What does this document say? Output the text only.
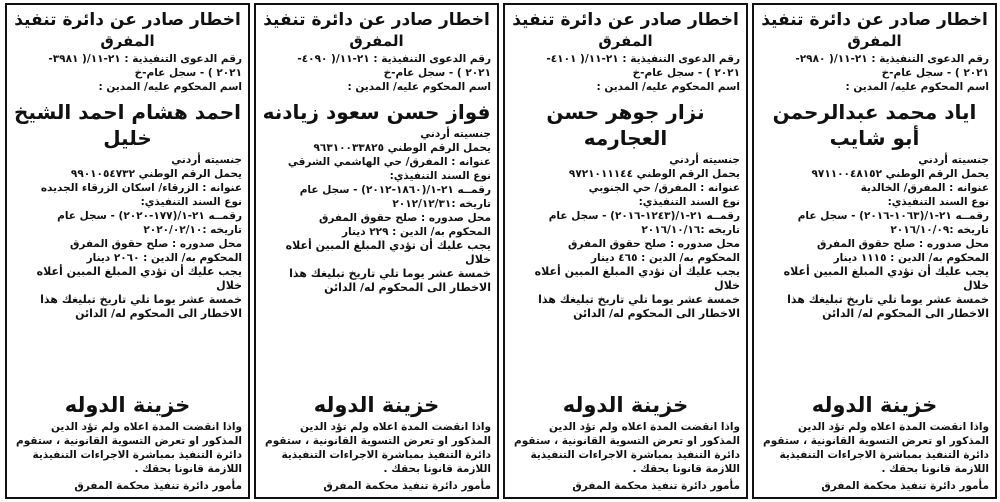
اخطار صادر عن دائرة تنفيذ
المفرق
رقم الدعوى التنفيذية : ٢١-١١/( ٢٩٨٠-
٢٠٢١ ) - سجل عام-خ
اسم المحكوم عليه/ المدين :
اياد محمد عبدالرحمن أبو شايب
جنسيته أردني
يحمل الرقم الوطني ٩٧١١٠٠٤٨١٥٢
عنوانه : المفرق/ الخالدية
نوع السند التنفيذي:
رقمــه ٢١-١/(١٠٦٣-٢٠١٦) - سجل عام
تاريخه :٢٠١٦/١٠/٠٩
محل صدوره : صلح حقوق المفرق
المحكوم به/ الدين : ١١١٥ دينار
يجب عليك أن تؤدي المبلغ المبين أعلاه خلال
خمسة عشر يوما تلي تاريخ تبليغك هذا
الاخطار الى المحكوم له/ الدائن
خزينة الدوله
واذا انقضت المدة اعلاه ولم تؤد الدين
المذكور او تعرض التسوية القانونية ، ستقوم
دائرة التنفيذ بمباشرة الاجراءات التنفيذية
اللازمة قانونا بحقك .
مأمور دائرة تنفيذ محكمة المفرق
اخطار صادر عن دائرة تنفيذ
المفرق
رقم الدعوى التنفيذية : ٢١-١١/( ٤١٠١-
٢٠٢١ ) - سجل عام-خ
اسم المحكوم عليه/ المدين :
نزار جوهر حسن العجارمه
جنسيته أردني
يحمل الرقم الوطني ٩٧٢١٠١١١٤٤
عنوانه : المفرق/ حي الجنوبي
نوع السند التنفيذي:
رقمــه ٢١-١/(١٢٤٣-٢٠١٦) - سجل عام
تاريخه :٢٠١٦/١٠/١٦
محل صدوره : صلح حقوق المفرق
المحكوم به/ الدين : ٤٦٥ دينار
يجب عليك أن تؤدي المبلغ المبين أعلاه خلال
خمسة عشر يوما تلي تاريخ تبليغك هذا
الاخطار الى المحكوم له/ الدائن
خزينة الدوله
واذا انقضت المدة اعلاه ولم تؤد الدين
المذكور او تعرض التسوية القانونية ، ستقوم
دائرة التنفيذ بمباشرة الاجراءات التنفيذية
اللازمة قانونا بحقك .
مأمور دائرة تنفيذ محكمة المفرق
اخطار صادر عن دائرة تنفيذ
المفرق
رقم الدعوى التنفيذية : ٢١-١١/( ٤٠٩٠-
٢٠٢١ ) - سجل عام-خ
اسم المحكوم عليه/ المدين :
فواز حسن سعود زيادنه
جنسيته أردني
يحمل الرقم الوطني ٩٦٣١٠٠٣٣٨٢٥
عنوانه : المفرق/ حي الهاشمي الشرقي
نوع السند التنفيذي:
رقمــه ٢١-١/(١٨٦٠-٢٠١٢) - سجل عام
تاريخه :٢٠١٢/١٢/٣١
محل صدوره : صلح حقوق المفرق
المحكوم به/ الدين : ٢٢٩ دينار
يجب عليك أن تؤدي المبلغ المبين أعلاه خلال
خمسة عشر يوما تلي تاريخ تبليغك هذا
الاخطار الى المحكوم له/ الدائن
خزينة الدوله
واذا انقضت المدة اعلاه ولم تؤد الدين
المذكور او تعرض التسوية القانونية ، ستقوم
دائرة التنفيذ بمباشرة الاجراءات التنفيذية
اللازمة قانونا بحقك .
مأمور دائرة تنفيذ محكمة المفرق
اخطار صادر عن دائرة تنفيذ
المفرق
رقم الدعوى التنفيذية : ٢١-١١/( ٣٩٨١-
٢٠٢١ ) - سجل عام-خ
اسم المحكوم عليه/ المدين :
احمد هشام احمد الشيخ خليل
جنسيته أردني
يحمل الرقم الوطني ٩٩٠١٠٥٤٧٣٢
عنوانه : الزرقاء/ اسكان الزرقاء الجديده
نوع السند التنفيذي:
رقمــه ٢١-١/(١٧٧-٢٠٢٠) - سجل عام
تاريخه :٢٠٢٠/٠٢/١٠
محل صدوره : صلح حقوق المفرق
المحكوم به/ الدين : ٢٠٦٠ دينار
يجب عليك أن تؤدي المبلغ المبين أعلاه خلال
خمسة عشر يوما تلي تاريخ تبليغك هذا
الاخطار الى المحكوم له/ الدائن
خزينة الدوله
واذا انقضت المدة اعلاه ولم تؤد الدين
المذكور او تعرض التسوية القانونية ، ستقوم
دائرة التنفيذ بمباشرة الاجراءات التنفيذية
اللازمة قانونا بحقك .
مأمور دائرة تنفيذ محكمة المفرق
